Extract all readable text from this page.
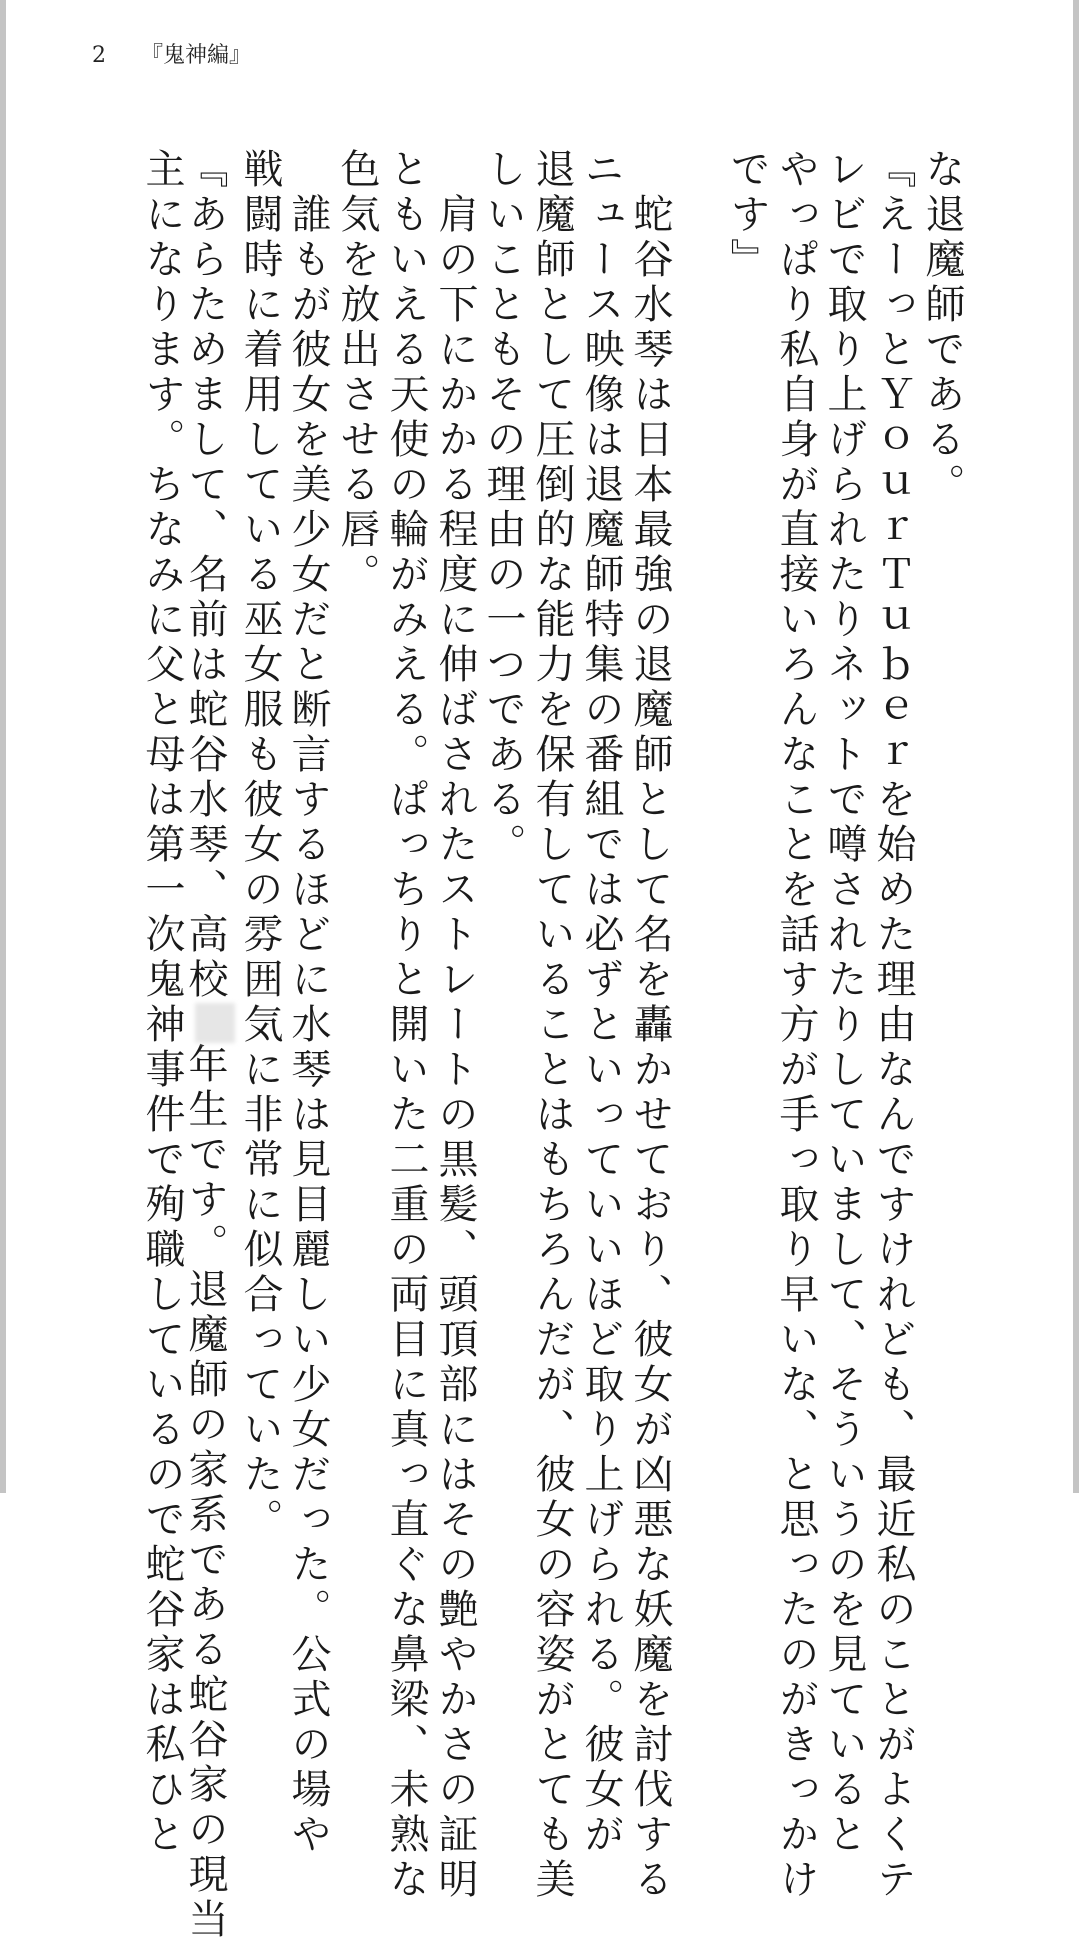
2 『鬼神編』
な退魔師である。
『えーっとＹｏｕｒＴｕｂｅｒを始めた理由なんですけれども、最近私のことがよくテ
レビで取り上げられたりネットで噂されたりしていまして、そういうのを見ていると
やっぱり私自身が直接いろんなことを話す方が手っ取り早いな、と思ったのがきっかけ
です』
蛇谷水琴は日本最強の退魔師として名を轟かせており、彼女が凶悪な妖魔を討伐する
ニュース映像は退魔師特集の番組では必ずといっていいほど取り上げられる。彼女が
退魔師として圧倒的な能力を保有していることはもちろんだが、彼女の容姿がとても美
しいこともその理由の一つである。
肩の下にかかる程度に伸ばされたストレートの黒髪、頭頂部にはその艶やかさの証明
ともいえる天使の輪がみえる。ぱっちりと開いた二重の両目に真っ直ぐな鼻梁、未熟な
色気を放出させる唇。
誰もが彼女を美少女だと断言するほどに水琴は見目麗しい少女だった。公式の場や
戦闘時に着用している巫女服も彼女の雰囲気に非常に似合っていた。
『あらためまして、名前は蛇谷水琴、高校年生です。退魔師の家系である蛇谷家の現当
主になります。ちなみに父と母は第一次鬼神事件で殉職しているので蛇谷家は私ひと
